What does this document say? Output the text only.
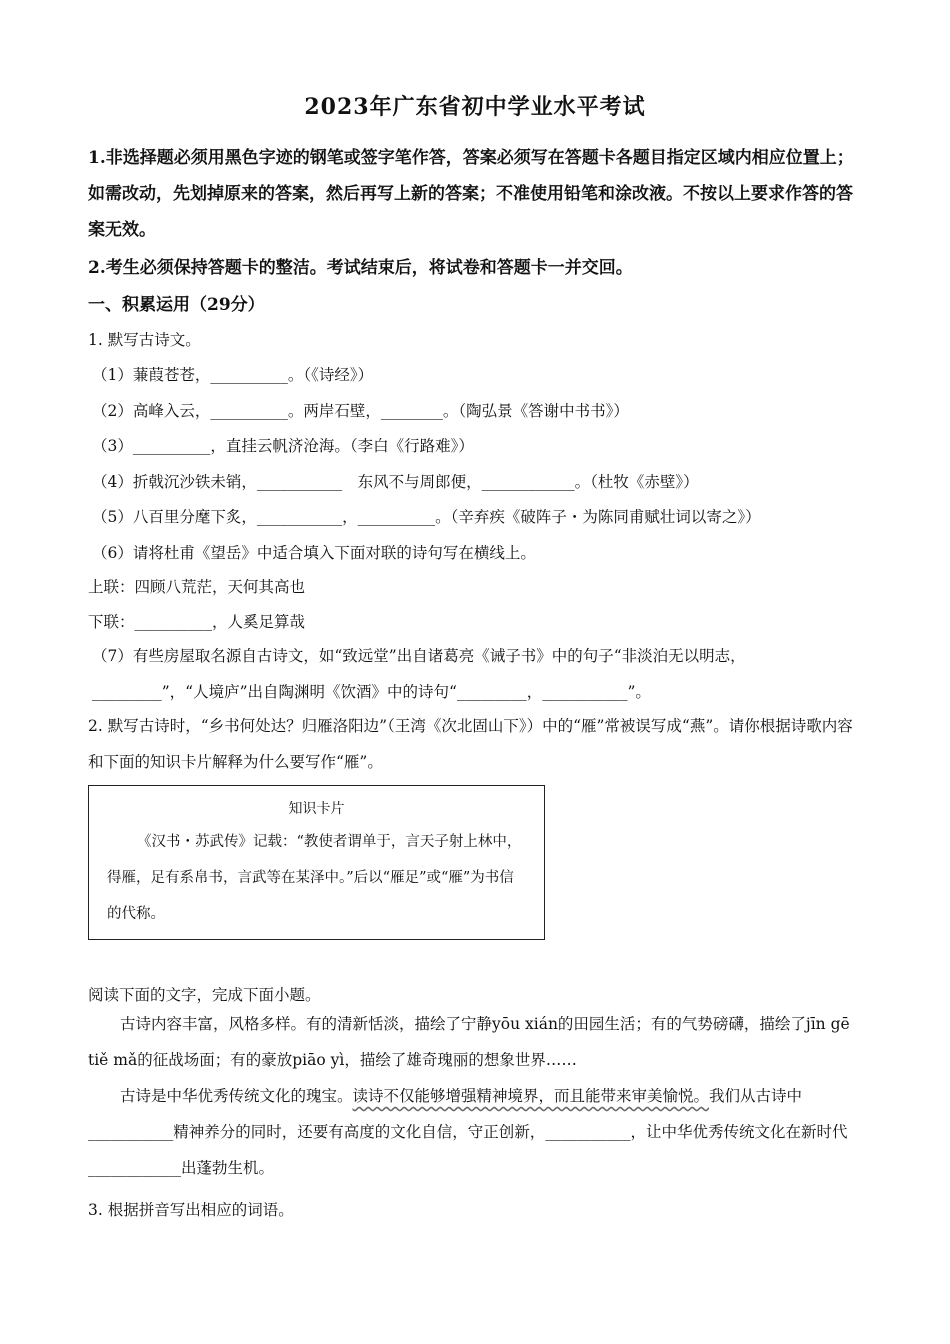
2023年广东省初中学业水平考试
1.非选择题必须用黑色字迹的钢笔或签字笔作答，答案必须写在答题卡各题目指定区域内相应位置上；如需改动，先划掉原来的答案，然后再写上新的答案；不准使用铅笔和涂改液。不按以上要求作答的答案无效。
2.考生必须保持答题卡的整洁。考试结束后，将试卷和答题卡一并交回。
一、积累运用（29分）
1. 默写古诗文。
（1）蒹葭苍苍，__________。（《诗经》）
（2）高峰入云，__________。两岸石壁，________。（陶弘景《答谢中书书》）
（3）__________，直挂云帆济沧海。（李白《行路难》）
（4）折戟沉沙铁未销，___________　东风不与周郎便，____________。（杜牧《赤壁》）
（5）八百里分麾下炙，___________，__________。（辛弃疾《破阵子・为陈同甫赋壮词以寄之》）
（6）请将杜甫《望岳》中适合填入下面对联的诗句写在横线上。
上联：四顾八荒茫，天何其高也
下联：__________，人奚足算哉
（7）有些房屋取名源自古诗文，如“致远堂”出自诸葛亮《诫子书》中的句子“非淡泊无以明志，_________”，“人境庐”出自陶渊明《饮酒》中的诗句“_________，___________”。
2. 默写古诗时，“乡书何处达？归雁洛阳边”（王湾《次北固山下》）中的“雁”常被误写成“燕”。请你根据诗歌内容和下面的知识卡片解释为什么要写作“雁”。
知识卡片
《汉书・苏武传》记载：“教使者谓单于，言天子射上林中，得雁，足有系帛书，言武等在某泽中。”后以“雁足”或“雁”为书信的代称。
阅读下面的文字，完成下面小题。
古诗内容丰富，风格多样。有的清新恬淡，描绘了宁静yōu xián的田园生活；有的气势磅礴，描绘了jīn gē tiě mǎ的征战场面；有的豪放piāo yì，描绘了雄奇瑰丽的想象世界……
古诗是中华优秀传统文化的瑰宝。读诗不仅能够增强精神境界，而且能带来审美愉悦。我们从古诗中___________精神养分的同时，还要有高度的文化自信，守正创新，___________，让中华优秀传统文化在新时代____________出蓬勃生机。
3. 根据拼音写出相应的词语。
